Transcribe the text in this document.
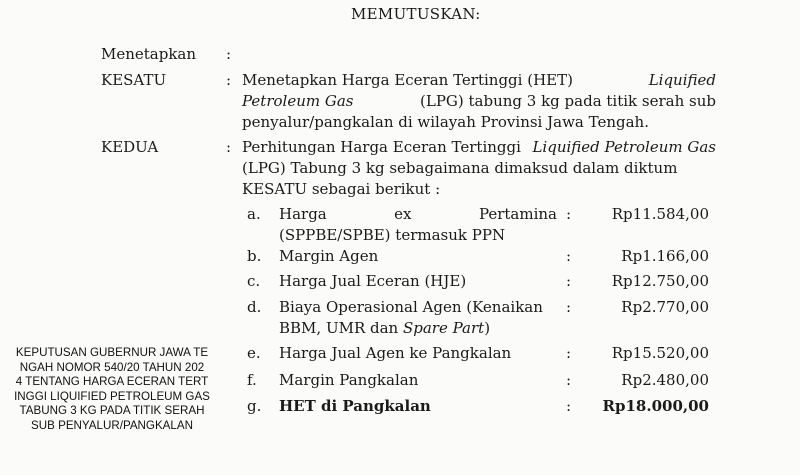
MEMUTUSKAN:
Menetapkan :
KESATU	: Menetapkan Harga Eceran Tertinggi (HET)	Liquified
Petroleum Gas	(LPG) tabung 3 kg pada titik serah sub
penyalur/pangkalan di wilayah Provinsi Jawa Tengah.
KEDUA	: Perhitungan Harga Eceran Tertinggi Liquified Petroleum Gas
(LPG) Tabung 3 kg sebagaimana dimaksud dalam diktum
KESATU sebagai berikut :
a. Harga	ex	Pertamina
(SPPBE/SPBE) termasuk PPN
:	Rp11.584,00
b. Margin Agen	:	Rp1.166,00
c. Harga Jual Eceran (HJE)	:	Rp12.750,00
d. Biaya Operasional Agen (Kenaikan
BBM, UMR dan Spare Part)
:	Rp2.770,00
e. Harga Jual Agen ke Pangkalan	:	Rp15.520,00
f. Margin Pangkalan	:	Rp2.480,00
g. HET di Pangkalan	:	Rp18.000,00
KEPUTUSAN GUBERNUR JAWA TE
NGAH NOMOR 540/20 TAHUN 202
4 TENTANG HARGA ECERAN TERT
INGGI LIQUIFIED PETROLEUM GAS
TABUNG 3 KG PADA TITIK SERAH
SUB PENYALUR/PANGKALAN
